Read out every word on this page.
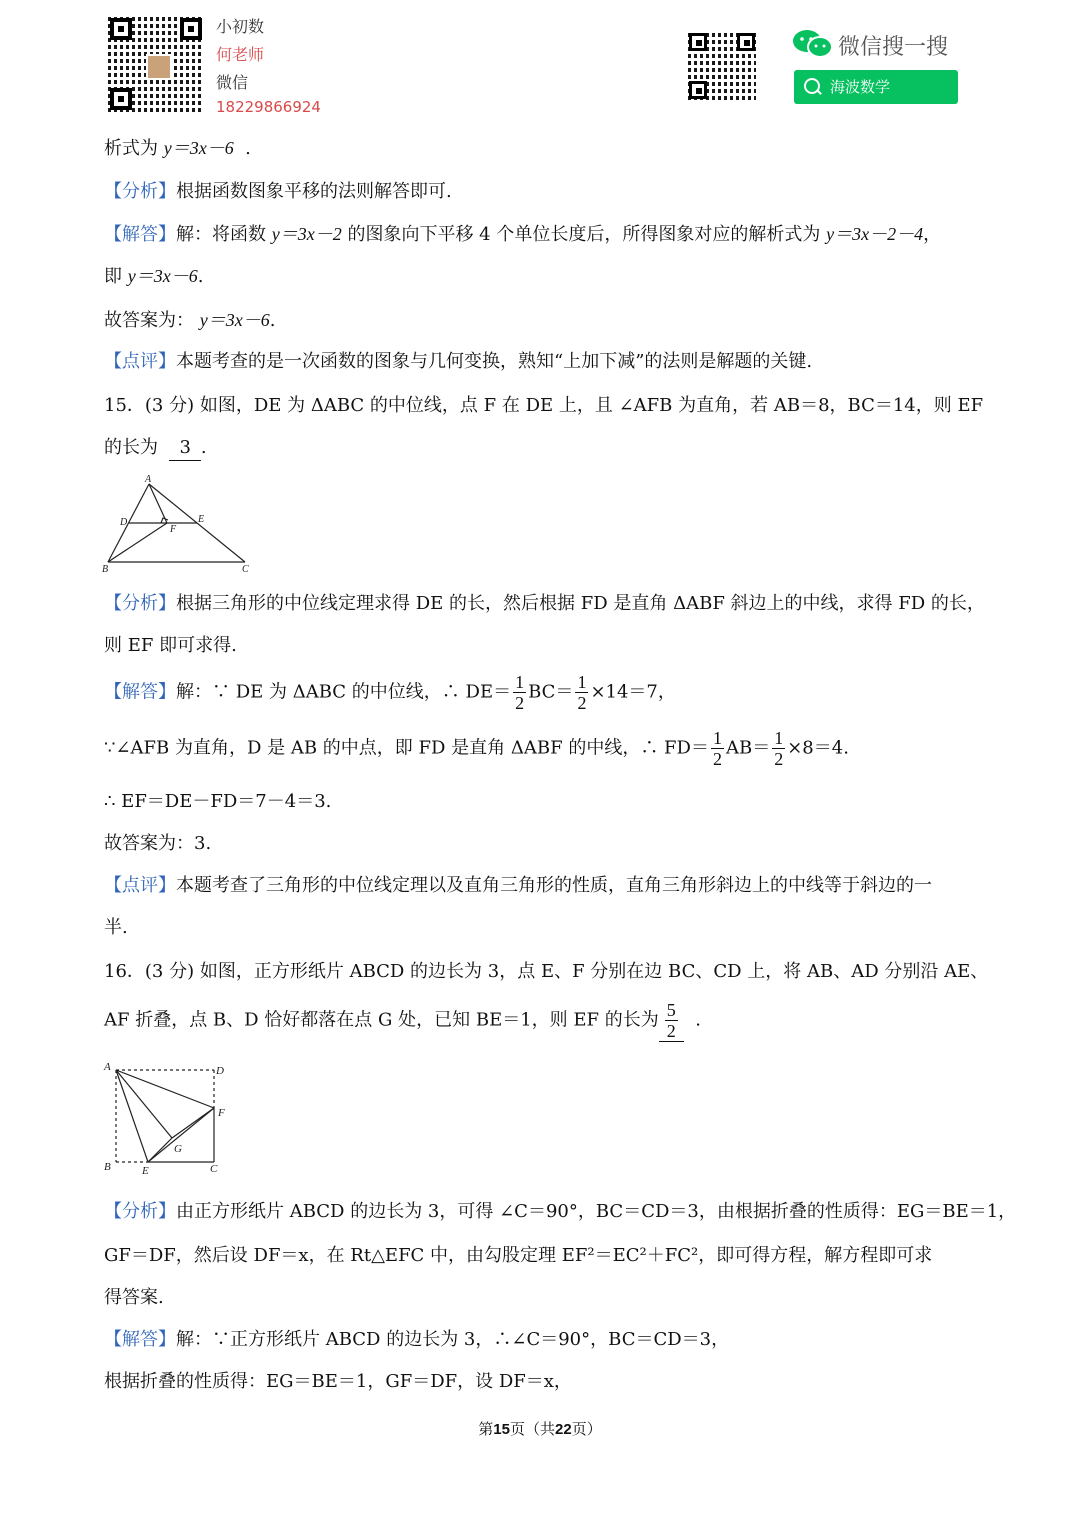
小初数
何老师
微信
18229866924
微信搜一搜
海波数学
析式为 y＝3x－6  .
【分析】根据函数图象平移的法则解答即可.
【解答】解：将函数 y＝3x－2 的图象向下平移 4 个单位长度后，所得图象对应的解析式为 y＝3x－2－4，
即 y＝3x－6.
故答案为： y＝3x－6.
【点评】本题考查的是一次函数的图象与几何变换，熟知“上加下减”的法则是解题的关键.
15．(3 分) 如图，DE 为 ΔABC 的中位线，点 F 在 DE 上，且 ∠AFB 为直角，若 AB＝8，BC＝14，则 EF
的长为 3 .
A
B	C
D	E
F
【分析】根据三角形的中位线定理求得 DE 的长，然后根据 FD 是直角 ΔABF 斜边上的中线，求得 FD 的长，
则 EF 即可求得.
【解答】解：∵ DE 为 ΔABC 的中位线，∴ $DE= \frac{1}{2} BC= \frac{1}{2} \times 14=7$，
∵∠AFB 为直角，D 是 AB 的中点，即 FD 是直角 ΔABF 的中线，∴ $FD= \frac{1}{2} AB= \frac{1}{2} \times 8=4$.
∴ EF＝DE－FD＝7－4＝3.
故答案为：3.
【点评】本题考查了三角形的中位线定理以及直角三角形的性质，直角三角形斜边上的中线等于斜边的一
半.
16．(3 分) 如图，正方形纸片 ABCD 的边长为 3，点 E、F 分别在边 BC、CD 上，将 AB、AD 分别沿 AE、
AF 折叠，点 B、D 恰好都落在点 G 处，已知 BE＝1，则 EF 的长为 $\frac{5}{2}$ .
A	D
F
G
B	E	C
【分析】由正方形纸片 ABCD 的边长为 3，可得 ∠C＝90°，BC＝CD＝3，由根据折叠的性质得：EG＝BE＝1，
GF＝DF，然后设 DF＝x，在 Rt△EFC 中，由勾股定理 EF²＝EC²＋FC²，即可得方程，解方程即可求
得答案.
【解答】解：∵正方形纸片 ABCD 的边长为 3，∴∠C＝90°，BC＝CD＝3，
根据折叠的性质得：EG＝BE＝1，GF＝DF，设 DF＝x，
第15页（共22页）
